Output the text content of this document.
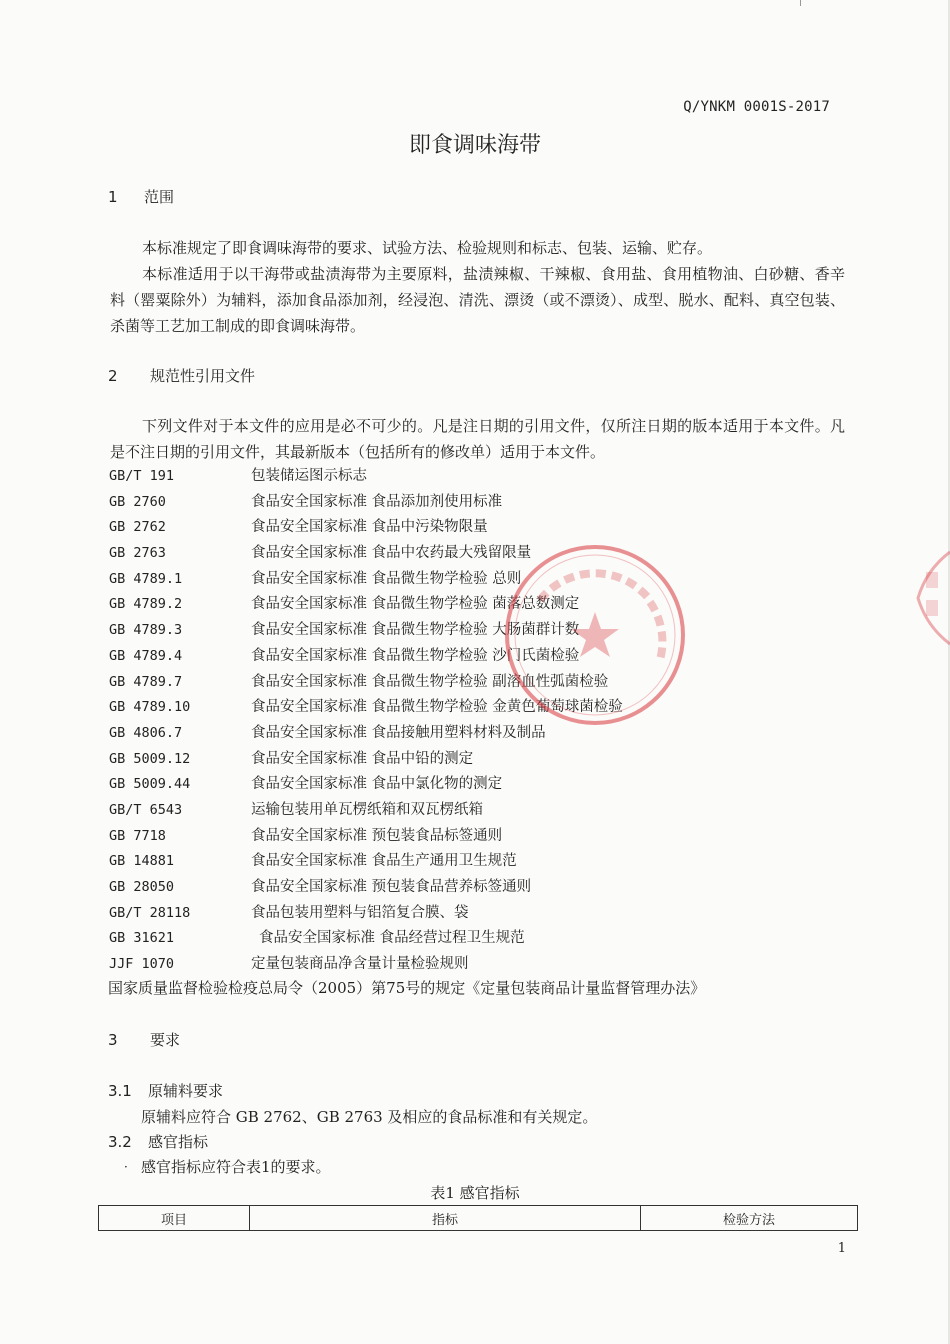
Q/YNKM 0001S-2017
即食调味海带
1 范围

本标准规定了即食调味海带的要求、试验方法、检验规则和标志、包装、运输、贮存。

本标准适用于以干海带或盐渍海带为主要原料，盐渍辣椒、干辣椒、食用盐、食用植物油、白砂糖、香辛料（罂粟除外）为辅料，添加食品添加剂，经浸泡、清洗、漂烫（或不漂烫）、成型、脱水、配料、真空包装、杀菌等工艺加工制成的即食调味海带。

2 规范性引用文件

下列文件对于本文件的应用是必不可少的。凡是注日期的引用文件，仅所注日期的版本适用于本文件。凡是不注日期的引用文件，其最新版本（包括所有的修改单）适用于本文件。

GB/T 191	包装储运图示标志
GB 2760	食品安全国家标准 食品添加剂使用标准
GB 2762	食品安全国家标准 食品中污染物限量
GB 2763	食品安全国家标准 食品中农药最大残留限量
GB 4789.1	食品安全国家标准 食品微生物学检验 总则
GB 4789.2	食品安全国家标准 食品微生物学检验 菌落总数测定
GB 4789.3	食品安全国家标准 食品微生物学检验 大肠菌群计数
GB 4789.4	食品安全国家标准 食品微生物学检验 沙门氏菌检验
GB 4789.7	食品安全国家标准 食品微生物学检验 副溶血性弧菌检验
GB 4789.10	食品安全国家标准 食品微生物学检验 金黄色葡萄球菌检验
GB 4806.7	食品安全国家标准 食品接触用塑料材料及制品
GB 5009.12	食品安全国家标准 食品中铅的测定
GB 5009.44	食品安全国家标准 食品中氯化物的测定
GB/T 6543	运输包装用单瓦楞纸箱和双瓦楞纸箱
GB 7718	食品安全国家标准 预包装食品标签通则
GB 14881	食品安全国家标准 食品生产通用卫生规范
GB 28050	食品安全国家标准 预包装食品营养标签通则
GB/T 28118	食品包装用塑料与铝箔复合膜、袋
GB 31621	食品安全国家标准 食品经营过程卫生规范
JJF 1070	定量包装商品净含量计量检验规则
国家质量监督检验检疫总局令（2005）第75号的规定《定量包装商品计量监督管理办法》
3 要求
3.1 原辅料要求
原辅料应符合 GB 2762、GB 2763 及相应的食品标准和有关规定。
3.2 感官指标
· 感官指标应符合表1的要求。
表1 感官指标
项目	指标	检验方法
1
